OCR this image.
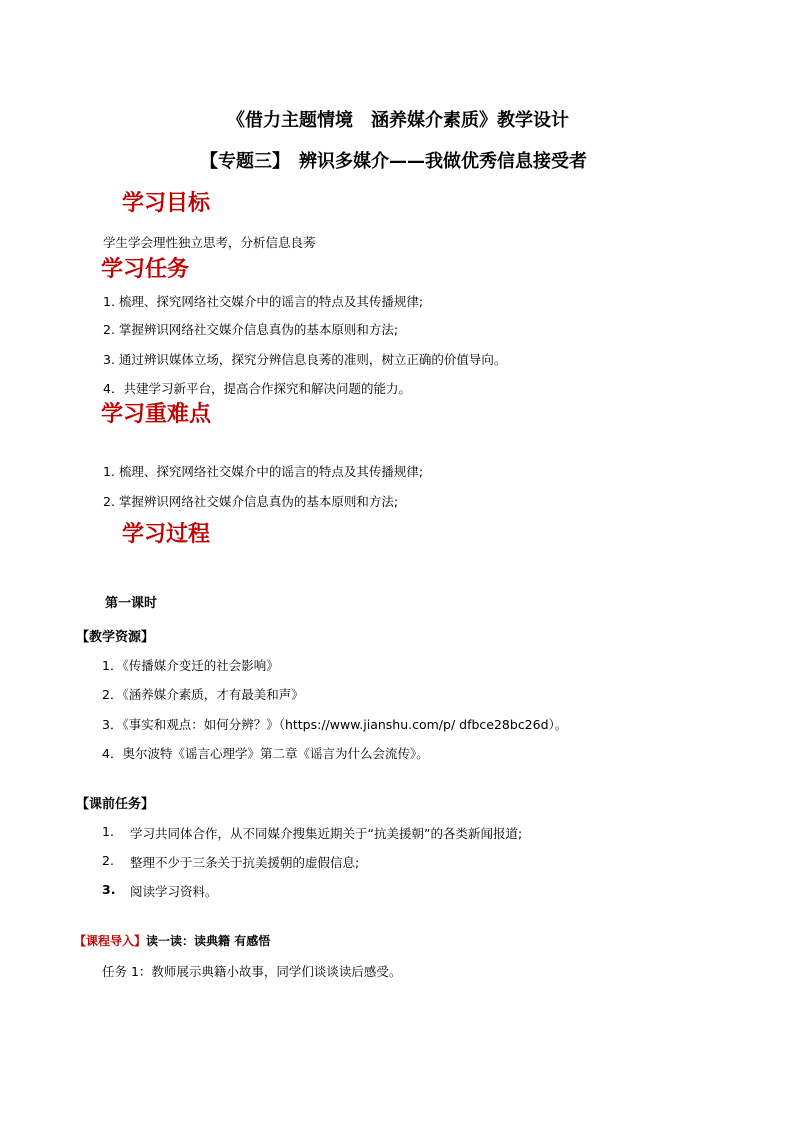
《借力主题情境　涵养媒介素质》教学设计
【专题三】　辨识多媒介——我做优秀信息接受者
学习目标
学生学会理性独立思考，分析信息良莠
学习任务
1. 梳理、探究网络社交媒介中的谣言的特点及其传播规律;
2. 掌握辨识网络社交媒介信息真伪的基本原则和方法;
3. 通过辨识媒体立场，探究分辨信息良莠的准则，树立正确的价值导向。
4．共建学习新平台，提高合作探究和解决问题的能力。
学习重难点
1. 梳理、探究网络社交媒介中的谣言的特点及其传播规律;
2. 掌握辨识网络社交媒介信息真伪的基本原则和方法;
学习过程
第一课时
【教学资源】
1．《传播媒介变迁的社会影响》
2．《涵养媒介素质，才有最美和声》
3．《事实和观点：如何分辨？》（https://www.jianshu.com/p/ dfbce28bc26d）。
4．奥尔波特《谣言心理学》第二章《谣言为什么会流传》。
【课前任务】
1. 学习共同体合作，从不同媒介搜集近期关于“抗美援朝”的各类新闻报道;
2. 整理不少于三条关于抗美援朝的虚假信息;
3. 阅读学习资料。
【课程导入】读一读：读典籍 有感悟
任务 1：教师展示典籍小故事，同学们谈谈读后感受。
